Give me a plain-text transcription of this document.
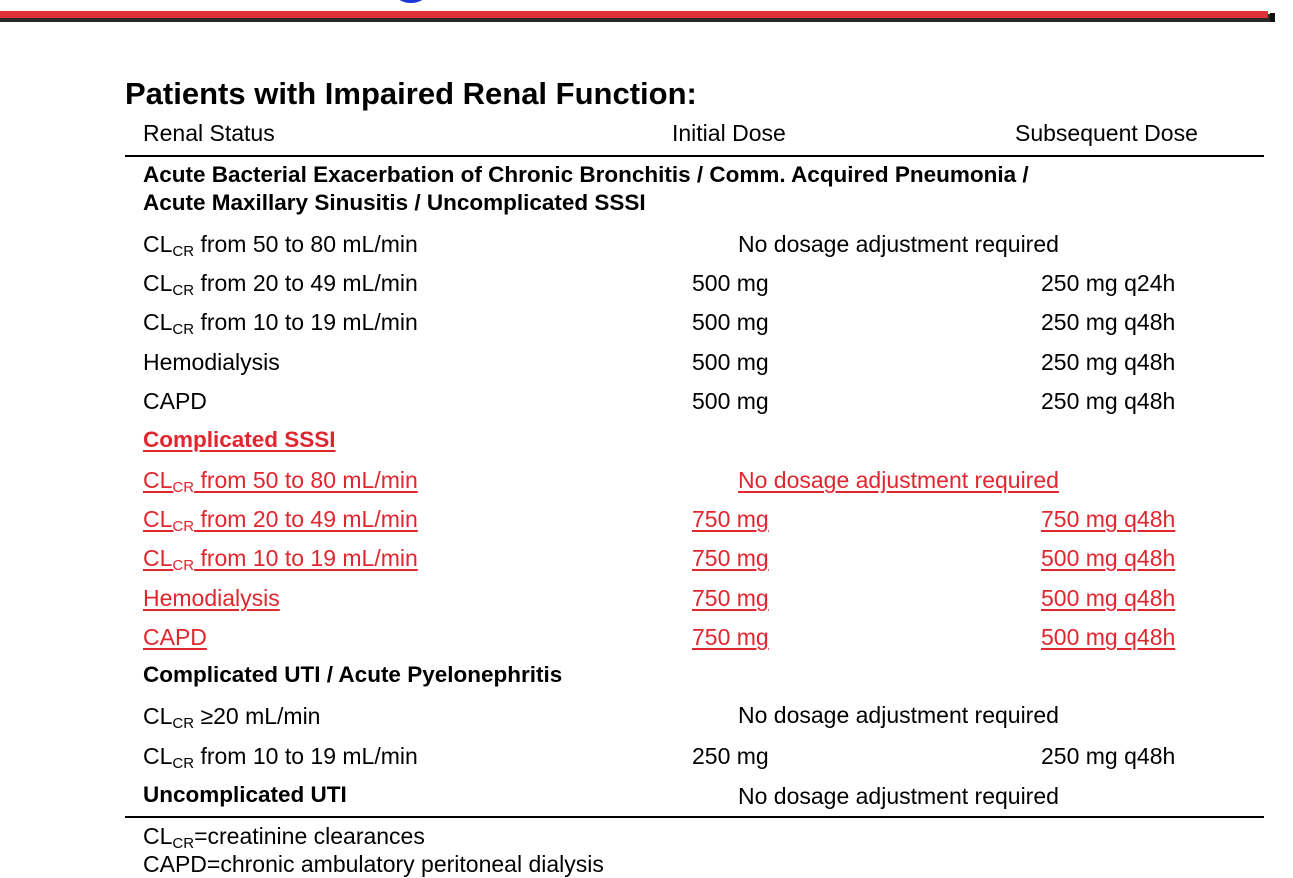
Patients with Impaired Renal Function:
Renal Status	Initial Dose	Subsequent Dose
Acute Bacterial Exacerbation of Chronic Bronchitis / Comm. Acquired Pneumonia /
Acute Maxillary Sinusitis / Uncomplicated SSSI
$CL_{CR}$ from 50 to 80 mL/min	No dosage adjustment required
$CL_{CR}$ from 20 to 49 mL/min	500 mg	250 mg q24h
$CL_{CR}$ from 10 to 19 mL/min	500 mg	250 mg q48h
Hemodialysis	500 mg	250 mg q48h
CAPD	500 mg	250 mg q48h
Complicated SSSI
$CL_{CR}$ from 50 to 80 mL/min	No dosage adjustment required
$CL_{CR}$ from 20 to 49 mL/min	750 mg	750 mg q48h
$CL_{CR}$ from 10 to 19 mL/min	750 mg	500 mg q48h
Hemodialysis	750 mg	500 mg q48h
CAPD	750 mg	500 mg q48h
Complicated UTI / Acute Pyelonephritis
$CL_{CR} \ge 20$ mL/min	No dosage adjustment required
$CL_{CR}$ from 10 to 19 mL/min	250 mg	250 mg q48h
Uncomplicated UTI	No dosage adjustment required
$CL_{CR}=creatinine$ clearances
CAPD=chronic ambulatory peritoneal dialysis
